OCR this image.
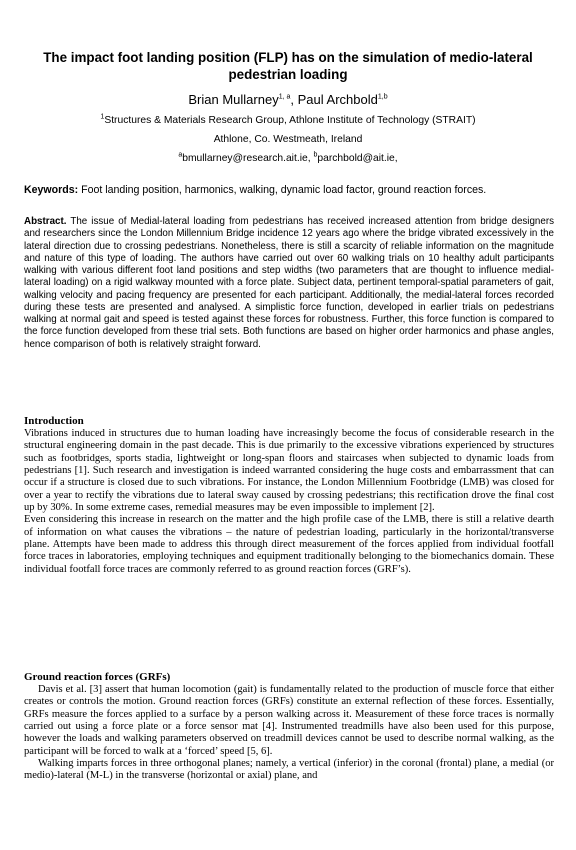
The impact foot landing position (FLP) has on the simulation of medio-lateral pedestrian loading
Brian Mullarney$^{1, a}$, Paul Archbold$^{1,b}$
$^1$Structures & Materials Research Group, Athlone Institute of Technology (STRAIT)
Athlone, Co. Westmeath, Ireland
$^a$bmullarney@research.ait.ie, $^b$parchbold@ait.ie,
Keywords: Foot landing position, harmonics, walking, dynamic load factor, ground reaction forces.
Abstract. The issue of Medial-lateral loading from pedestrians has received increased attention from bridge designers and researchers since the London Millennium Bridge incidence 12 years ago where the bridge vibrated excessively in the lateral direction due to crossing pedestrians. Nonetheless, there is still a scarcity of reliable information on the magnitude and nature of this type of loading. The authors have carried out over 60 walking trials on 10 healthy adult participants walking with various different foot land positions and step widths (two parameters that are thought to influence medial-lateral loading) on a rigid walkway mounted with a force plate. Subject data, pertinent temporal-spatial parameters of gait, walking velocity and pacing frequency are presented for each participant. Additionally, the medial-lateral forces recorded during these tests are presented and analysed. A simplistic force function, developed in earlier trials on pedestrians walking at normal gait and speed is tested against these forces for robustness. Further, this force function is compared to the force function developed from these trial sets. Both functions are based on higher order harmonics and phase angles, hence comparison of both is relatively straight forward.
Introduction

Vibrations induced in structures due to human loading have increasingly become the focus of considerable research in the structural engineering domain in the past decade. This is due primarily to the excessive vibrations experienced by structures such as footbridges, sports stadia, lightweight or long-span floors and staircases when subjected to dynamic loads from pedestrians [1]. Such research and investigation is indeed warranted considering the huge costs and embarrassment that can occur if a structure is closed due to such vibrations. For instance, the London Millennium Footbridge (LMB) was closed for over a year to rectify the vibrations due to lateral sway caused by crossing pedestrians; this rectification drove the final cost up by 30%. In some extreme cases, remedial measures may be even impossible to implement [2].

Even considering this increase in research on the matter and the high profile case of the LMB, there is still a relative dearth of information on what causes the vibrations – the nature of pedestrian loading, particularly in the horizontal/transverse plane. Attempts have been made to address this through direct measurement of the forces applied from individual footfall force traces in laboratories, employing techniques and equipment traditionally belonging to the biomechanics domain. These individual footfall force traces are commonly referred to as ground reaction forces (GRF’s).

Ground reaction forces (GRFs)

Davis et al. [3] assert that human locomotion (gait) is fundamentally related to the production of muscle force that either creates or controls the motion. Ground reaction forces (GRFs) constitute an external reflection of these forces. Essentially, GRFs measure the forces applied to a surface by a person walking across it. Measurement of these force traces is normally carried out using a force plate or a force sensor mat [4]. Instrumented treadmills have also been used for this purpose, however the loads and walking parameters observed on treadmill devices cannot be used to describe normal walking, as the participant will be forced to walk at a ‘forced’ speed [5, 6].

Walking imparts forces in three orthogonal planes; namely, a vertical (inferior) in the coronal (frontal) plane, a medial (or medio)-lateral (M-L) in the transverse (horizontal or axial) plane, and
